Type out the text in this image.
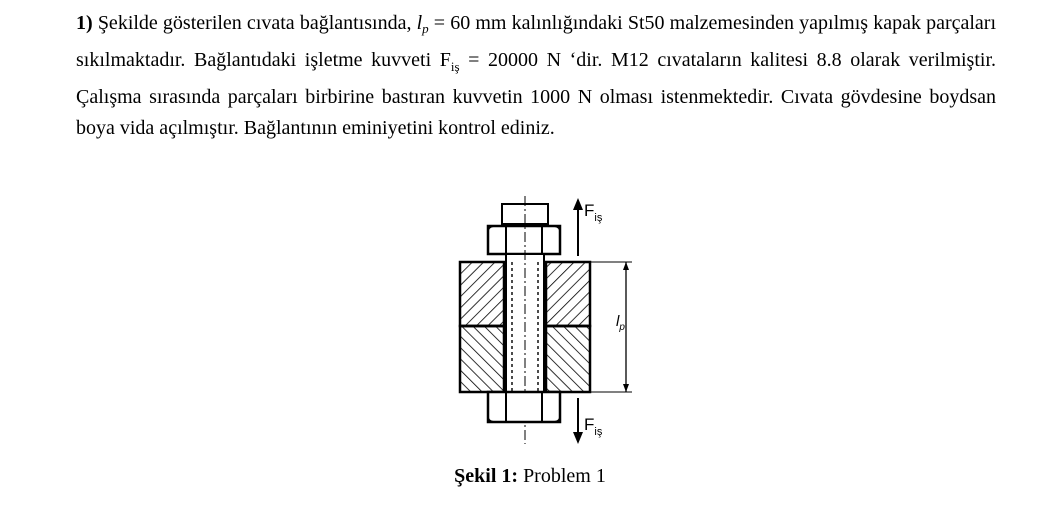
1) Şekilde gösterilen cıvata bağlantısında, $l_p = 60$ mm kalınlığındaki St50 malzemesinden yapılmış kapak parçaları sıkılmaktadır. Bağlantıdaki işletme kuvveti $F_{iş} = 20000$ N ‘dir. M12 cıvataların kalitesi 8.8 olarak verilmiştir. Çalışma sırasında parçaları birbirine bastıran kuvvetin 1000 N olması istenmektedir. Cıvata gövdesine boydsan boya vida açılmıştır. Bağlantının eminiyetini kontrol ediniz.

$F_{iş}$
$F_{iş}$
$l_p$
Şekil 1: Problem 1
